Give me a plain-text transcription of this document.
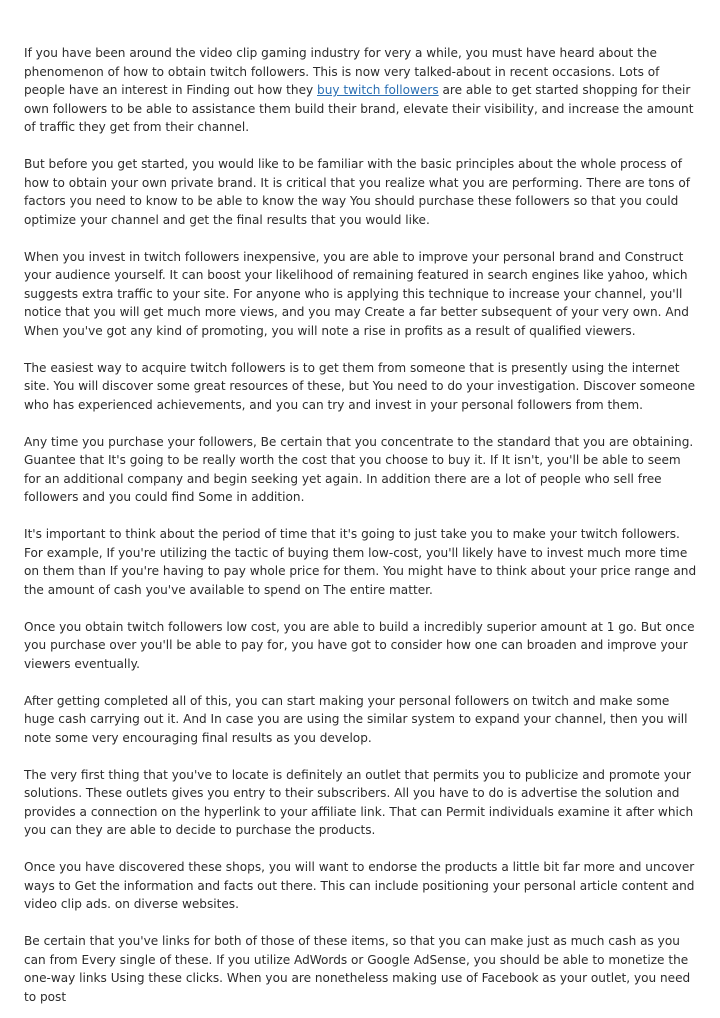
If you have been around the video clip gaming industry for very a while, you must have heard about the phenomenon of how to obtain twitch followers. This is now very talked-about in recent occasions. Lots of people have an interest in Finding out how they buy twitch followers are able to get started shopping for their own followers to be able to assistance them build their brand, elevate their visibility, and increase the amount of traffic they get from their channel.

But before you get started, you would like to be familiar with the basic principles about the whole process of how to obtain your own private brand. It is critical that you realize what you are performing. There are tons of factors you need to know to be able to know the way You should purchase these followers so that you could optimize your channel and get the final results that you would like.

When you invest in twitch followers inexpensive, you are able to improve your personal brand and Construct your audience yourself. It can boost your likelihood of remaining featured in search engines like yahoo, which suggests extra traffic to your site. For anyone who is applying this technique to increase your channel, you'll notice that you will get much more views, and you may Create a far better subsequent of your very own. And When you've got any kind of promoting, you will note a rise in profits as a result of qualified viewers.

The easiest way to acquire twitch followers is to get them from someone that is presently using the internet site. You will discover some great resources of these, but You need to do your investigation. Discover someone who has experienced achievements, and you can try and invest in your personal followers from them.

Any time you purchase your followers, Be certain that you concentrate to the standard that you are obtaining. Guantee that It's going to be really worth the cost that you choose to buy it. If It isn't, you'll be able to seem for an additional company and begin seeking yet again. In addition there are a lot of people who sell free followers and you could find Some in addition.

It's important to think about the period of time that it's going to just take you to make your twitch followers. For example, If you're utilizing the tactic of buying them low-cost, you'll likely have to invest much more time on them than If you're having to pay whole price for them. You might have to think about your price range and the amount of cash you've available to spend on The entire matter.

Once you obtain twitch followers low cost, you are able to build a incredibly superior amount at 1 go. But once you purchase over you'll be able to pay for, you have got to consider how one can broaden and improve your viewers eventually.

After getting completed all of this, you can start making your personal followers on twitch and make some huge cash carrying out it. And In case you are using the similar system to expand your channel, then you will note some very encouraging final results as you develop.

The very first thing that you've to locate is definitely an outlet that permits you to publicize and promote your solutions. These outlets gives you entry to their subscribers. All you have to do is advertise the solution and provides a connection on the hyperlink to your affiliate link. That can Permit individuals examine it after which you can they are able to decide to purchase the products.

Once you have discovered these shops, you will want to endorse the products a little bit far more and uncover ways to Get the information and facts out there. This can include positioning your personal article content and video clip ads. on diverse websites.

Be certain that you've links for both of those of these items, so that you can make just as much cash as you can from Every single of these. If you utilize AdWords or Google AdSense, you should be able to monetize the one-way links Using these clicks. When you are nonetheless making use of Facebook as your outlet, you need to post
